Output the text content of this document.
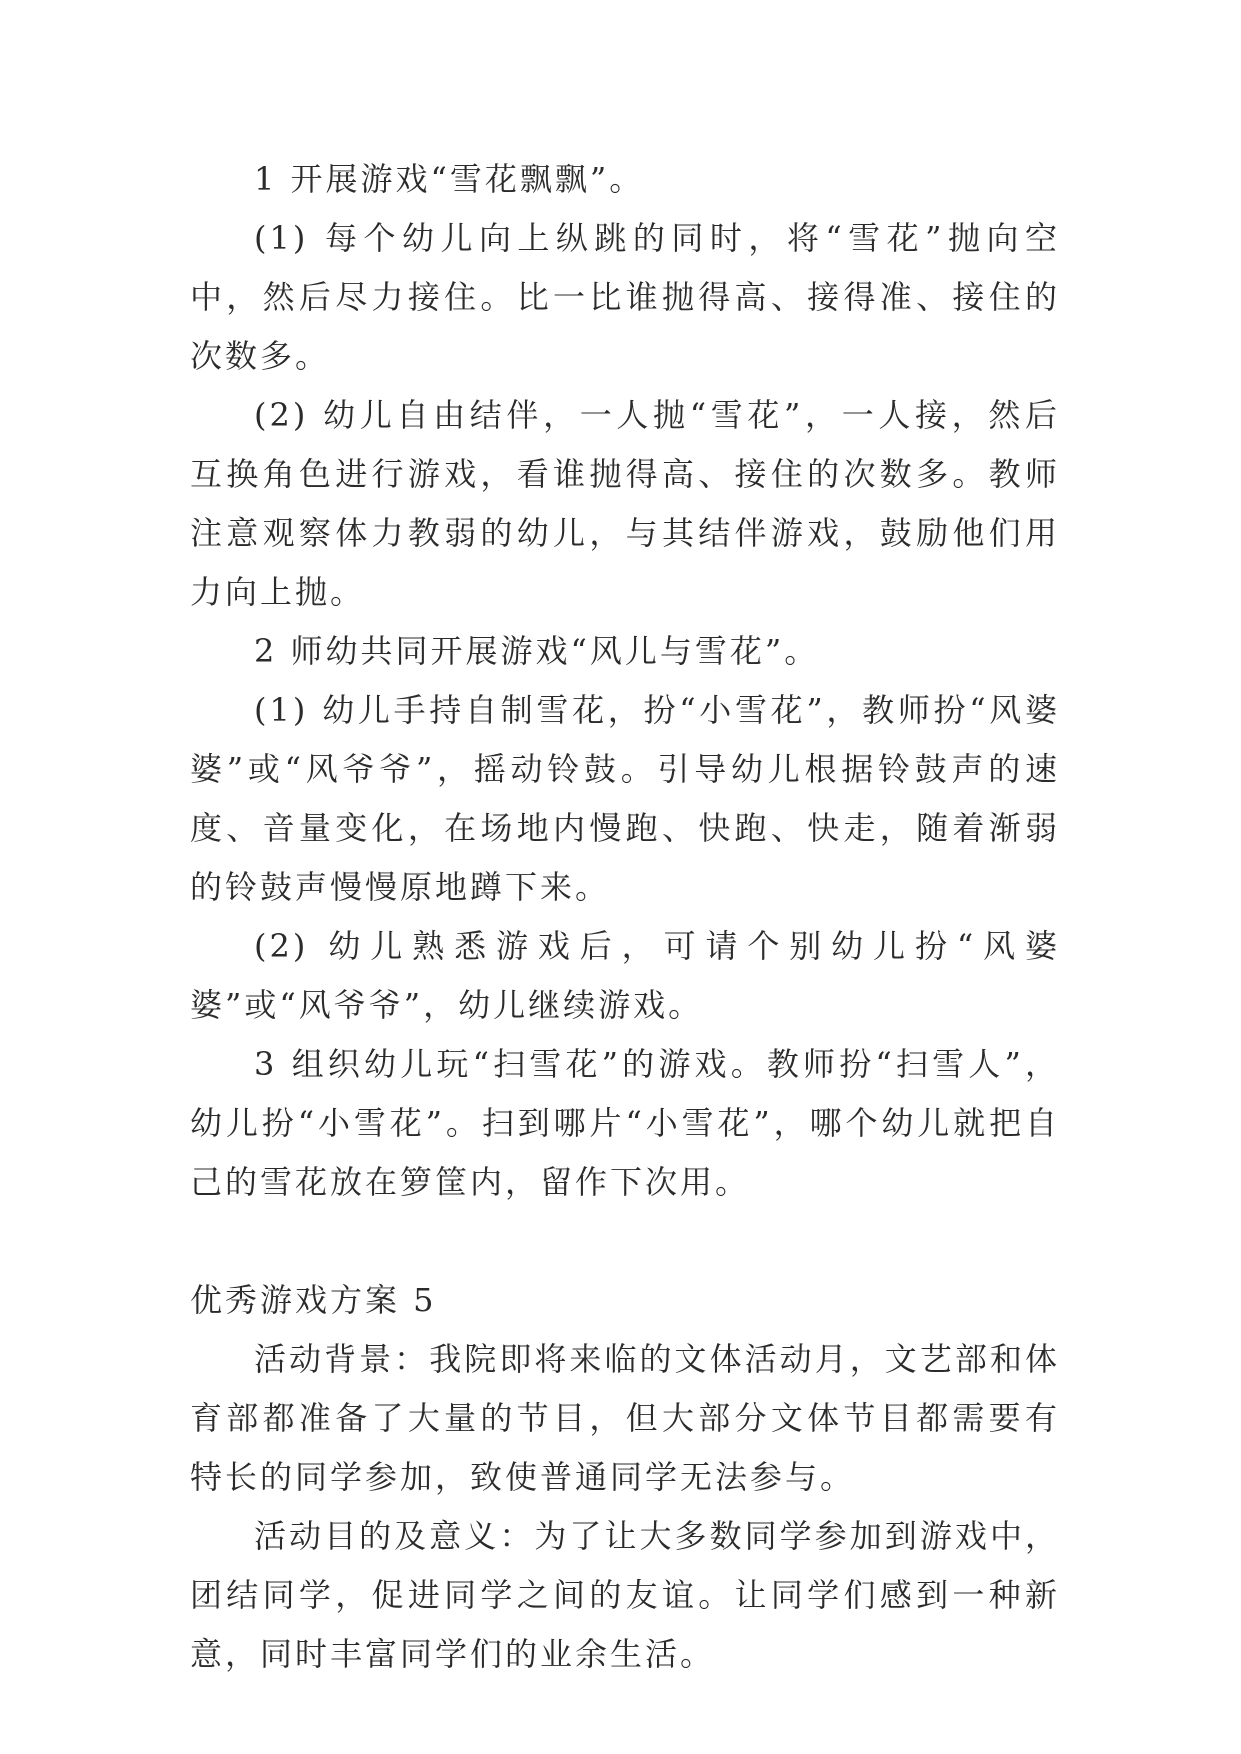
1 开展游戏“雪花飘飘”。

(1) 每个幼儿向上纵跳的同时，将“雪花”抛向空中，然后尽力接住。比一比谁抛得高、接得准、接住的次数多。

(2) 幼儿自由结伴，一人抛“雪花”，一人接，然后互换角色进行游戏，看谁抛得高、接住的次数多。教师注意观察体力教弱的幼儿，与其结伴游戏，鼓励他们用力向上抛。

2 师幼共同开展游戏“风儿与雪花”。

(1) 幼儿手持自制雪花，扮“小雪花”，教师扮“风婆婆”或“风爷爷”，摇动铃鼓。引导幼儿根据铃鼓声的速度、音量变化，在场地内慢跑、快跑、快走，随着渐弱的铃鼓声慢慢原地蹲下来。

(2) 幼儿熟悉游戏后，可请个别幼儿扮“风婆婆”或“风爷爷”，幼儿继续游戏。

3 组织幼儿玩“扫雪花”的游戏。教师扮“扫雪人”，幼儿扮“小雪花”。扫到哪片“小雪花”，哪个幼儿就把自己的雪花放在箩筐内，留作下次用。

优秀游戏方案 5

活动背景：我院即将来临的文体活动月，文艺部和体育部都准备了大量的节目，但大部分文体节目都需要有特长的同学参加，致使普通同学无法参与。

活动目的及意义：为了让大多数同学参加到游戏中，团结同学，促进同学之间的友谊。让同学们感到一种新意，同时丰富同学们的业余生活。
